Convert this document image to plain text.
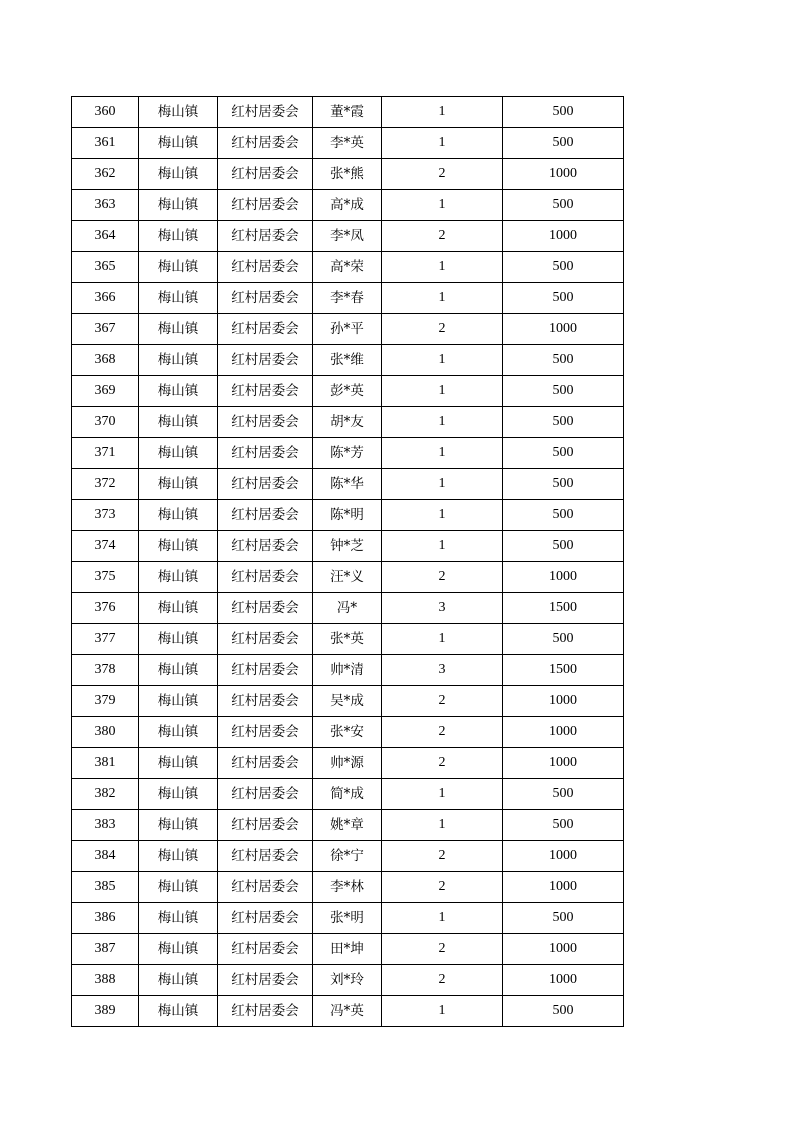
360	梅山镇	红村居委会	董*霞	1	500
361	梅山镇	红村居委会	李*英	1	500
362	梅山镇	红村居委会	张*熊	2	1000
363	梅山镇	红村居委会	高*成	1	500
364	梅山镇	红村居委会	李*凤	2	1000
365	梅山镇	红村居委会	高*荣	1	500
366	梅山镇	红村居委会	李*春	1	500
367	梅山镇	红村居委会	孙*平	2	1000
368	梅山镇	红村居委会	张*维	1	500
369	梅山镇	红村居委会	彭*英	1	500
370	梅山镇	红村居委会	胡*友	1	500
371	梅山镇	红村居委会	陈*芳	1	500
372	梅山镇	红村居委会	陈*华	1	500
373	梅山镇	红村居委会	陈*明	1	500
374	梅山镇	红村居委会	钟*芝	1	500
375	梅山镇	红村居委会	汪*义	2	1000
376	梅山镇	红村居委会	冯*	3	1500
377	梅山镇	红村居委会	张*英	1	500
378	梅山镇	红村居委会	帅*清	3	1500
379	梅山镇	红村居委会	吴*成	2	1000
380	梅山镇	红村居委会	张*安	2	1000
381	梅山镇	红村居委会	帅*源	2	1000
382	梅山镇	红村居委会	简*成	1	500
383	梅山镇	红村居委会	姚*章	1	500
384	梅山镇	红村居委会	徐*宁	2	1000
385	梅山镇	红村居委会	李*林	2	1000
386	梅山镇	红村居委会	张*明	1	500
387	梅山镇	红村居委会	田*坤	2	1000
388	梅山镇	红村居委会	刘*玲	2	1000
389	梅山镇	红村居委会	冯*英	1	500
